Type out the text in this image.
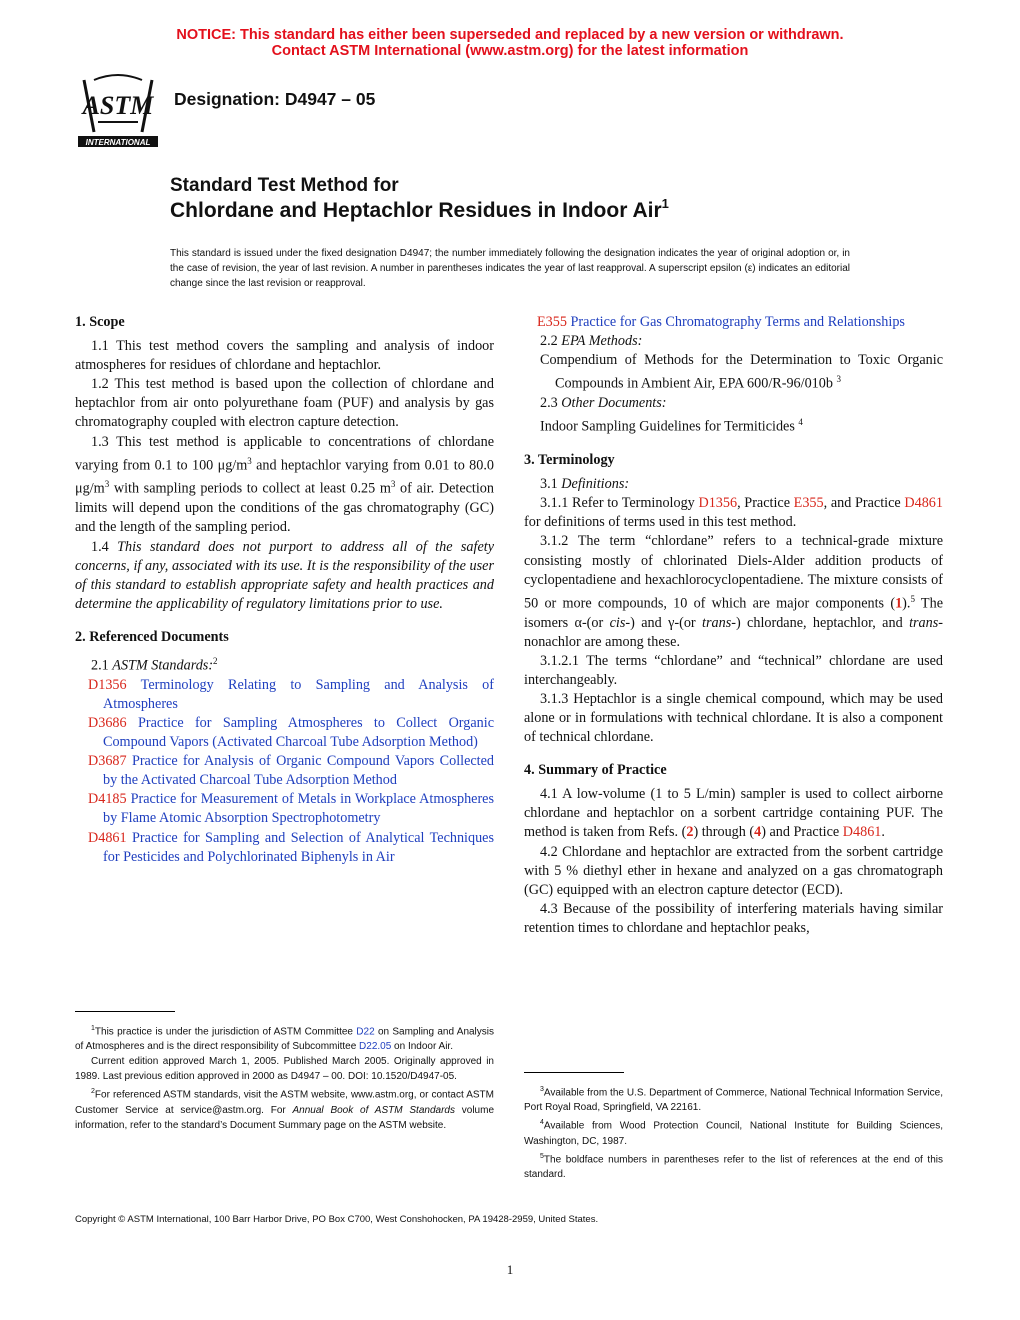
NOTICE: This standard has either been superseded and replaced by a new version or withdrawn.
Contact ASTM International (www.astm.org) for the latest information
ASTM
INTERNATIONAL
Designation: D4947 – 05
Standard Test Method for
Chlordane and Heptachlor Residues in Indoor Air$^1$
This standard is issued under the fixed designation D4947; the number immediately following the designation indicates the year of original adoption or, in the case of revision, the year of last revision. A number in parentheses indicates the year of last reapproval. A superscript epsilon (ε) indicates an editorial change since the last revision or reapproval.

1. Scope

1.1 This test method covers the sampling and analysis of indoor atmospheres for residues of chlordane and heptachlor.

1.2 This test method is based upon the collection of chlordane and heptachlor from air onto polyurethane foam (PUF) and analysis by gas chromatography coupled with electron capture detection.

1.3 This test method is applicable to concentrations of chlordane varying from 0.1 to 100 $\mu g/m^3$ and heptachlor varying from 0.01 to 80.0 $\mu g/m^3$ with sampling periods to collect at least 0.25 $m^3$ of air. Detection limits will depend upon the conditions of the gas chromatography (GC) and the length of the sampling period.

1.4 This standard does not purport to address all of the safety concerns, if any, associated with its use. It is the responsibility of the user of this standard to establish appropriate safety and health practices and determine the applicability of regulatory limitations prior to use.

2. Referenced Documents

2.1 ASTM Standards:$^2$

D1356 Terminology Relating to Sampling and Analysis of Atmospheres

D3686 Practice for Sampling Atmospheres to Collect Organic Compound Vapors (Activated Charcoal Tube Adsorption Method)

D3687 Practice for Analysis of Organic Compound Vapors Collected by the Activated Charcoal Tube Adsorption Method

D4185 Practice for Measurement of Metals in Workplace Atmospheres by Flame Atomic Absorption Spectrophotometry

D4861 Practice for Sampling and Selection of Analytical Techniques for Pesticides and Polychlorinated Biphenyls in Air

$^1$This practice is under the jurisdiction of ASTM Committee D22 on Sampling and Analysis of Atmospheres and is the direct responsibility of Subcommittee D22.05 on Indoor Air.

Current edition approved March 1, 2005. Published March 2005. Originally approved in 1989. Last previous edition approved in 2000 as D4947 – 00. DOI: 10.1520/D4947-05.

$^2$For referenced ASTM standards, visit the ASTM website, www.astm.org, or contact ASTM Customer Service at service@astm.org. For Annual Book of ASTM Standards volume information, refer to the standard’s Document Summary page on the ASTM website.

E355 Practice for Gas Chromatography Terms and Relationships

2.2 EPA Methods:

Compendium of Methods for the Determination to Toxic Organic Compounds in Ambient Air, EPA 600/R-96/010b $^3$

2.3 Other Documents:

Indoor Sampling Guidelines for Termiticides $^4$

3. Terminology

3.1 Definitions:

3.1.1 Refer to Terminology D1356, Practice E355, and Practice D4861 for definitions of terms used in this test method.

3.1.2 The term “chlordane” refers to a technical-grade mixture consisting mostly of chlorinated Diels-Alder addition products of cyclopentadiene and hexachlorocyclopentadiene. The mixture consists of 50 or more compounds, 10 of which are major components (1).$^5$ The isomers α-(or cis-) and γ-(or trans-) chlordane, heptachlor, and trans-nonachlor are among these.

3.1.2.1 The terms “chlordane” and “technical” chlordane are used interchangeably.

3.1.3 Heptachlor is a single chemical compound, which may be used alone or in formulations with technical chlordane. It is also a component of technical chlordane.

4. Summary of Practice

4.1 A low-volume (1 to 5 L/min) sampler is used to collect airborne chlordane and heptachlor on a sorbent cartridge containing PUF. The method is taken from Refs. (2) through (4) and Practice D4861.

4.2 Chlordane and heptachlor are extracted from the sorbent cartridge with 5 % diethyl ether in hexane and analyzed on a gas chromatograph (GC) equipped with an electron capture detector (ECD).

4.3 Because of the possibility of interfering materials having similar retention times to chlordane and heptachlor peaks,

$^3$Available from the U.S. Department of Commerce, National Technical Information Service, Port Royal Road, Springfield, VA 22161.

$^4$Available from Wood Protection Council, National Institute for Building Sciences, Washington, DC, 1987.

$^5$The boldface numbers in parentheses refer to the list of references at the end of this standard.

Copyright © ASTM International, 100 Barr Harbor Drive, PO Box C700, West Conshohocken, PA 19428-2959, United States.
1
